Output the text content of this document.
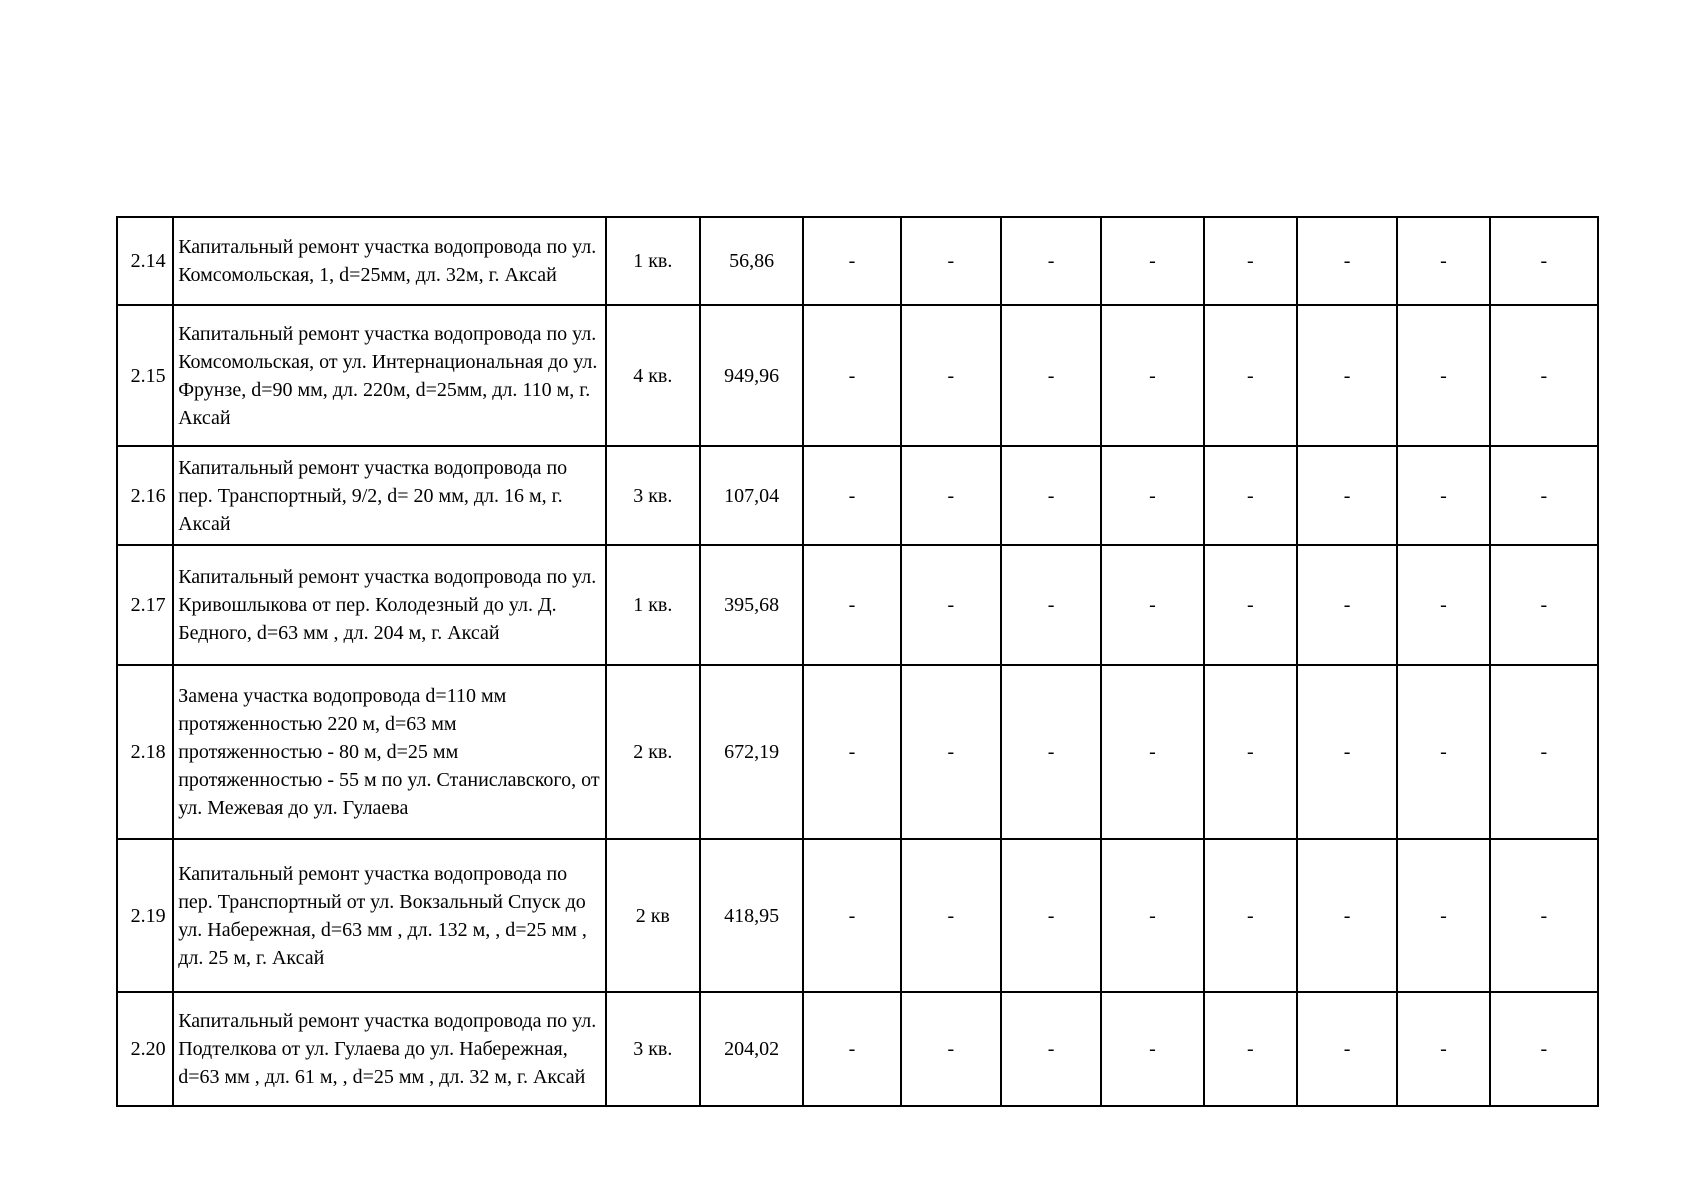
2.14	Капитальный ремонт участка водопровода по ул. Комсомольская, 1, d=25мм, дл. 32м, г. Аксай	1 кв.	56,86	-	-	-	-	-	-	-	-
2.15	Капитальный ремонт участка водопровода по ул. Комсомольская, от ул. Интернациональная до ул. Фрунзе, d=90 мм, дл. 220м, d=25мм, дл. 110 м, г. Аксай	4 кв.	949,96	-	-	-	-	-	-	-	-
2.16	Капитальный ремонт участка водопровода по пер. Транспортный, 9/2, d= 20 мм, дл. 16 м, г. Аксай	3 кв.	107,04	-	-	-	-	-	-	-	-
2.17	Капитальный ремонт участка водопровода по ул. Кривошлыкова от пер. Колодезный до ул. Д. Бедного, d=63 мм , дл. 204 м, г. Аксай	1 кв.	395,68	-	-	-	-	-	-	-	-
2.18	Замена участка водопровода d=110 мм протяженностью 220 м, d=63 мм протяженностью - 80 м, d=25 мм протяженностью - 55 м по ул. Станиславского, от ул. Межевая до ул. Гулаева	2 кв.	672,19	-	-	-	-	-	-	-	-
2.19	Капитальный ремонт участка водопровода по пер. Транспортный от ул. Вокзальный Спуск до ул. Набережная, d=63 мм , дл. 132 м, , d=25 мм , дл. 25 м, г. Аксай	2 кв	418,95	-	-	-	-	-	-	-	-
2.20	Капитальный ремонт участка водопровода по ул. Подтелкова от ул. Гулаева до ул. Набережная, d=63 мм , дл. 61 м, , d=25 мм , дл. 32 м, г. Аксай	3 кв.	204,02	-	-	-	-	-	-	-	-
